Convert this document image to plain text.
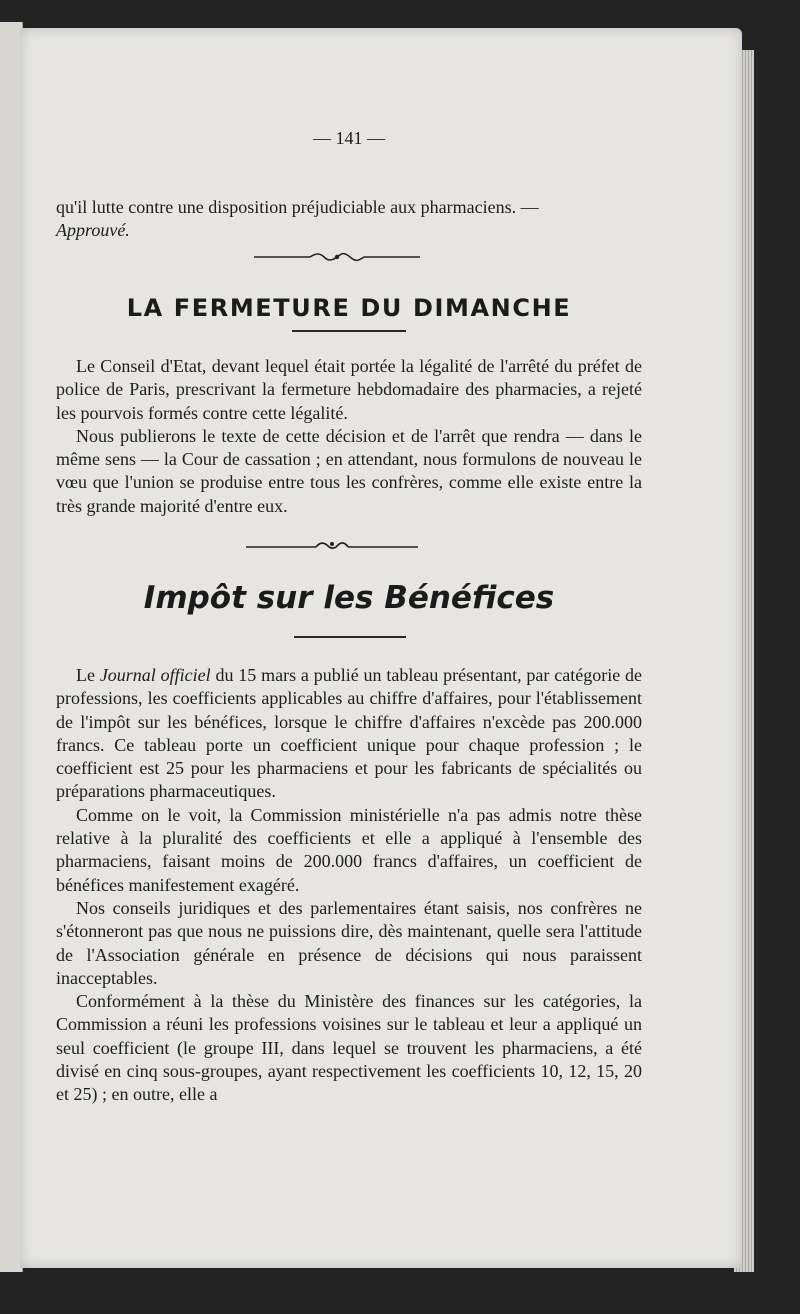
— 141 —

qu'il lutte contre une disposition préjudiciable aux pharmaciens. —
Approuvé.

LA FERMETURE DU DIMANCHE

Le Conseil d'Etat, devant lequel était portée la légalité de l'arrêté du préfet de police de Paris, prescrivant la fermeture hebdomadaire des pharmacies, a rejeté les pourvois formés contre cette légalité.

Nous publierons le texte de cette décision et de l'arrêt que rendra — dans le même sens — la Cour de cassation ; en attendant, nous formulons de nouveau le vœu que l'union se produise entre tous les confrères, comme elle existe entre la très grande majorité d'entre eux.

Impôt sur les Bénéfices

Le Journal officiel du 15 mars a publié un tableau présentant, par catégorie de professions, les coefficients applicables au chiffre d'affaires, pour l'établissement de l'impôt sur les bénéfices, lorsque le chiffre d'affaires n'excède pas 200.000 francs. Ce tableau porte un coefficient unique pour chaque profession ; le coefficient est 25 pour les pharmaciens et pour les fabricants de spécialités ou préparations pharmaceutiques.

Comme on le voit, la Commission ministérielle n'a pas admis notre thèse relative à la pluralité des coefficients et elle a appliqué à l'ensemble des pharmaciens, faisant moins de 200.000 francs d'affaires, un coefficient de bénéfices manifestement exagéré.

Nos conseils juridiques et des parlementaires étant saisis, nos confrères ne s'étonneront pas que nous ne puissions dire, dès maintenant, quelle sera l'attitude de l'Association générale en présence de décisions qui nous paraissent inacceptables.

Conformément à la thèse du Ministère des finances sur les catégories, la Commission a réuni les professions voisines sur le tableau et leur a appliqué un seul coefficient (le groupe III, dans lequel se trouvent les pharmaciens, a été divisé en cinq sous-groupes, ayant respectivement les coefficients 10, 12, 15, 20 et 25) ; en outre, elle a
